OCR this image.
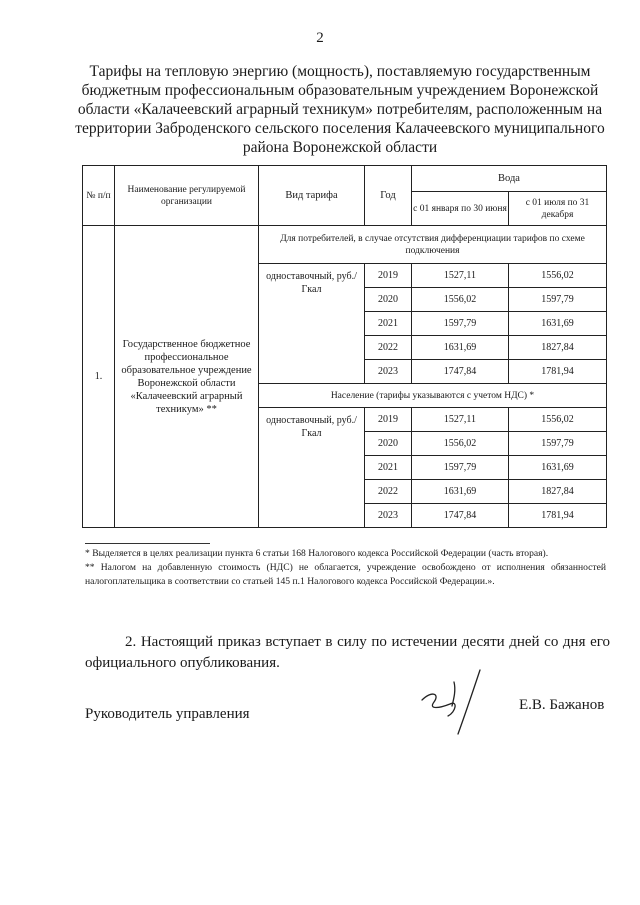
2
Тарифы на тепловую энергию (мощность), поставляемую государственным бюджетным профессиональным образовательным учреждением Воронежской области «Калачеевский аграрный техникум» потребителям, расположенным на территории Заброденского сельского поселения Калачеевского муниципального района Воронежской области
№ п/п	Наименование регулируемой организации	Вид тарифа	Год	Вода	
				с 01 января по 30 июня	с 01 июля по 31 декабря
1.	Государственное бюджетное профессиональное образовательное учреждение Воронежской области «Калачеевский аграрный техникум» **	Для потребителей, в случае отсутствия дифференциации тарифов по схеме подключения			
		одноставочный, руб./Гкал	2019	1527,11	1556,02
			2020	1556,02	1597,79
			2021	1597,79	1631,69
			2022	1631,69	1827,84
			2023	1747,84	1781,94
		Население (тарифы указываются с учетом НДС) *			
		одноставочный, руб./Гкал	2019	1527,11	1556,02
			2020	1556,02	1597,79
			2021	1597,79	1631,69
			2022	1631,69	1827,84
			2023	1747,84	1781,94
* Выделяется в целях реализации пункта 6 статьи 168 Налогового кодекса Российской Федерации (часть вторая).
** Налогом на добавленную стоимость (НДС) не облагается, учреждение освобождено от исполнения обязанностей налогоплательщика в соответствии со статьей 145 п.1 Налогового кодекса Российской Федерации.».
2. Настоящий приказ вступает в силу по истечении десяти дней со дня его официального опубликования.
Руководитель управления
Е.В. Бажанов
